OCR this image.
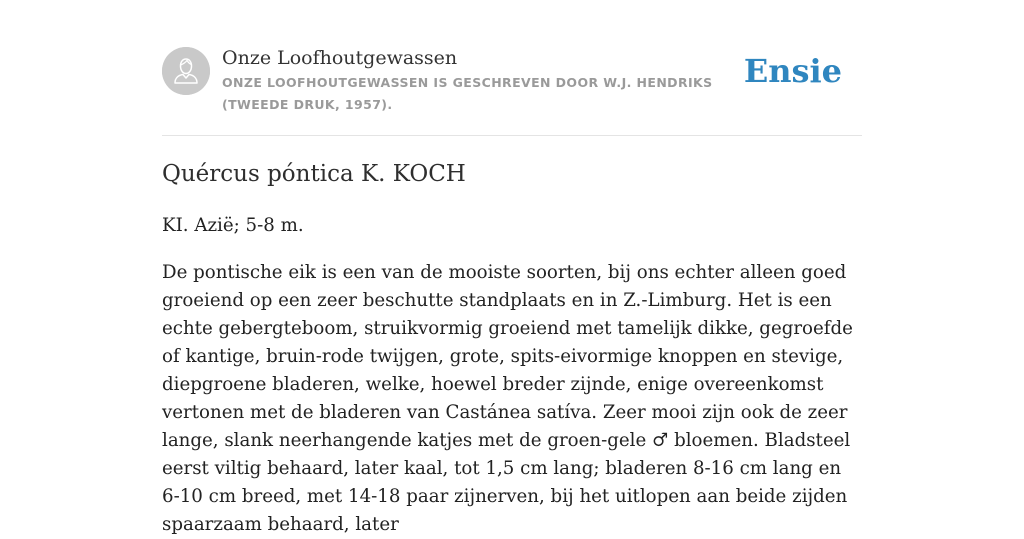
Onze Loofhoutgewassen
ONZE LOOFHOUTGEWASSEN IS GESCHREVEN DOOR W.J. HENDRIKS (TWEEDE DRUK, 1957).
Ensie
Quércus póntica K. KOCH

KI. Azië; 5-8 m.

De pontische eik is een van de mooiste soorten, bij ons echter alleen goed groeiend op een zeer beschutte standplaats en in Z.-Limburg. Het is een echte gebergteboom, struikvormig groeiend met tamelijk dikke, gegroefde of kantige, bruin-rode twijgen, grote, spits-eivormige knoppen en stevige, diepgroene bladeren, welke, hoewel breder zijnde, enige overeenkomst vertonen met de bladeren van Castánea satíva. Zeer mooi zijn ook de zeer lange, slank neerhangende katjes met de groen-gele ♂ bloemen. Bladsteel eerst viltig behaard, later kaal, tot 1,5 cm lang; bladeren 8-16 cm lang en 6-10 cm breed, met 14-18 paar zijnerven, bij het uitlopen aan beide zijden spaarzaam behaard, later
